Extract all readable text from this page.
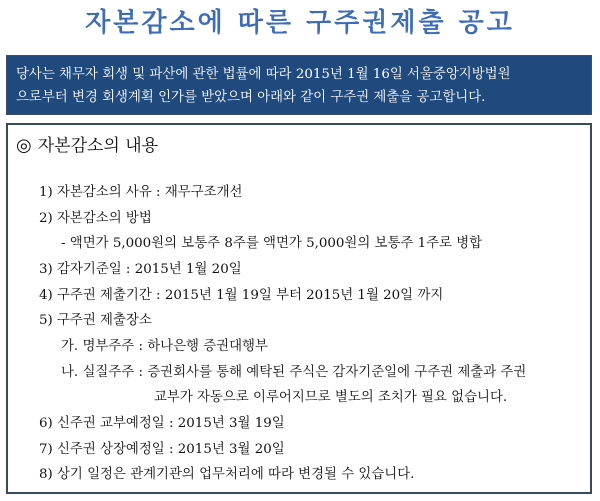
자본감소에 따른 구주권제출 공고
당사는 채무자 회생 및 파산에 관한 법률에 따라 2015년 1월 16일 서울중앙지방법원
으로부터 변경 회생계획 인가를 받았으며 아래와 같이 구주권 제출을 공고합니다.
◎ 자본감소의 내용
1) 자본감소의 사유 : 재무구조개선
2) 자본감소의 방법
- 액면가 5,000원의 보통주 8주를 액면가 5,000원의 보통주 1주로 병합
3) 감자기준일 : 2015년 1월 20일
4) 구주권 제출기간 : 2015년 1월 19일 부터 2015년 1월 20일 까지
5) 구주권 제출장소
가. 명부주주 : 하나은행 증권대행부
나. 실질주주 : 증권회사를 통해 예탁된 주식은 감자기준일에 구주권 제출과 주권
교부가 자동으로 이루어지므로 별도의 조치가 필요 없습니다.
6) 신주권 교부예정일 : 2015년 3월 19일
7) 신주권 상장예정일 : 2015년 3월 20일
8) 상기 일정은 관계기관의 업무처리에 따라 변경될 수 있습니다.
